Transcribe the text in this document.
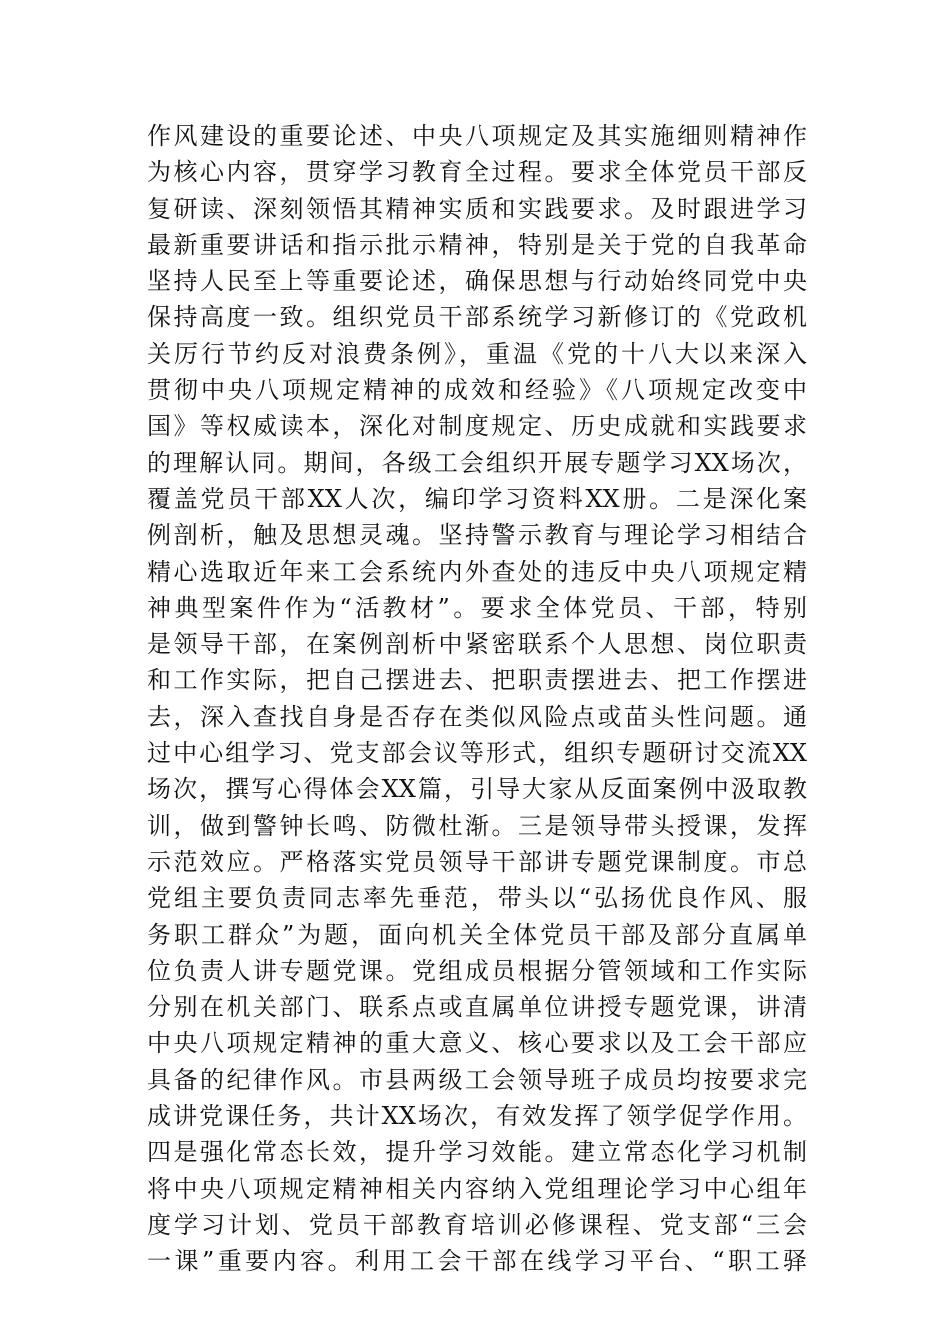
作风建设的重要论述、中央八项规定及其实施细则精神作
为核心内容，贯穿学习教育全过程。要求全体党员干部反
复研读、深刻领悟其精神实质和实践要求。及时跟进学习
最新重要讲话和指示批示精神，特别是关于党的自我革命
坚持人民至上等重要论述，确保思想与行动始终同党中央
保持高度一致。组织党员干部系统学习新修订的《党政机
关厉行节约反对浪费条例》，重温《党的十八大以来深入
贯彻中央八项规定精神的成效和经验》《八项规定改变中
国》等权威读本，深化对制度规定、历史成就和实践要求
的理解认同。期间，各级工会组织开展专题学习XX场次，
覆盖党员干部XX人次，编印学习资料XX册。二是深化案
例剖析，触及思想灵魂。坚持警示教育与理论学习相结合
精心选取近年来工会系统内外查处的违反中央八项规定精
神典型案件作为“活教材”。要求全体党员、干部，特别
是领导干部，在案例剖析中紧密联系个人思想、岗位职责
和工作实际，把自己摆进去、把职责摆进去、把工作摆进
去，深入查找自身是否存在类似风险点或苗头性问题。通
过中心组学习、党支部会议等形式，组织专题研讨交流XX
场次，撰写心得体会XX篇，引导大家从反面案例中汲取教
训，做到警钟长鸣、防微杜渐。三是领导带头授课，发挥
示范效应。严格落实党员领导干部讲专题党课制度。市总
党组主要负责同志率先垂范，带头以“弘扬优良作风、服
务职工群众”为题，面向机关全体党员干部及部分直属单
位负责人讲专题党课。党组成员根据分管领域和工作实际
分别在机关部门、联系点或直属单位讲授专题党课，讲清
中央八项规定精神的重大意义、核心要求以及工会干部应
具备的纪律作风。市县两级工会领导班子成员均按要求完
成讲党课任务，共计XX场次，有效发挥了领学促学作用。
四是强化常态长效，提升学习效能。建立常态化学习机制
将中央八项规定精神相关内容纳入党组理论学习中心组年
度学习计划、党员干部教育培训必修课程、党支部“三会
一课”重要内容。利用工会干部在线学习平台、“职工驿
